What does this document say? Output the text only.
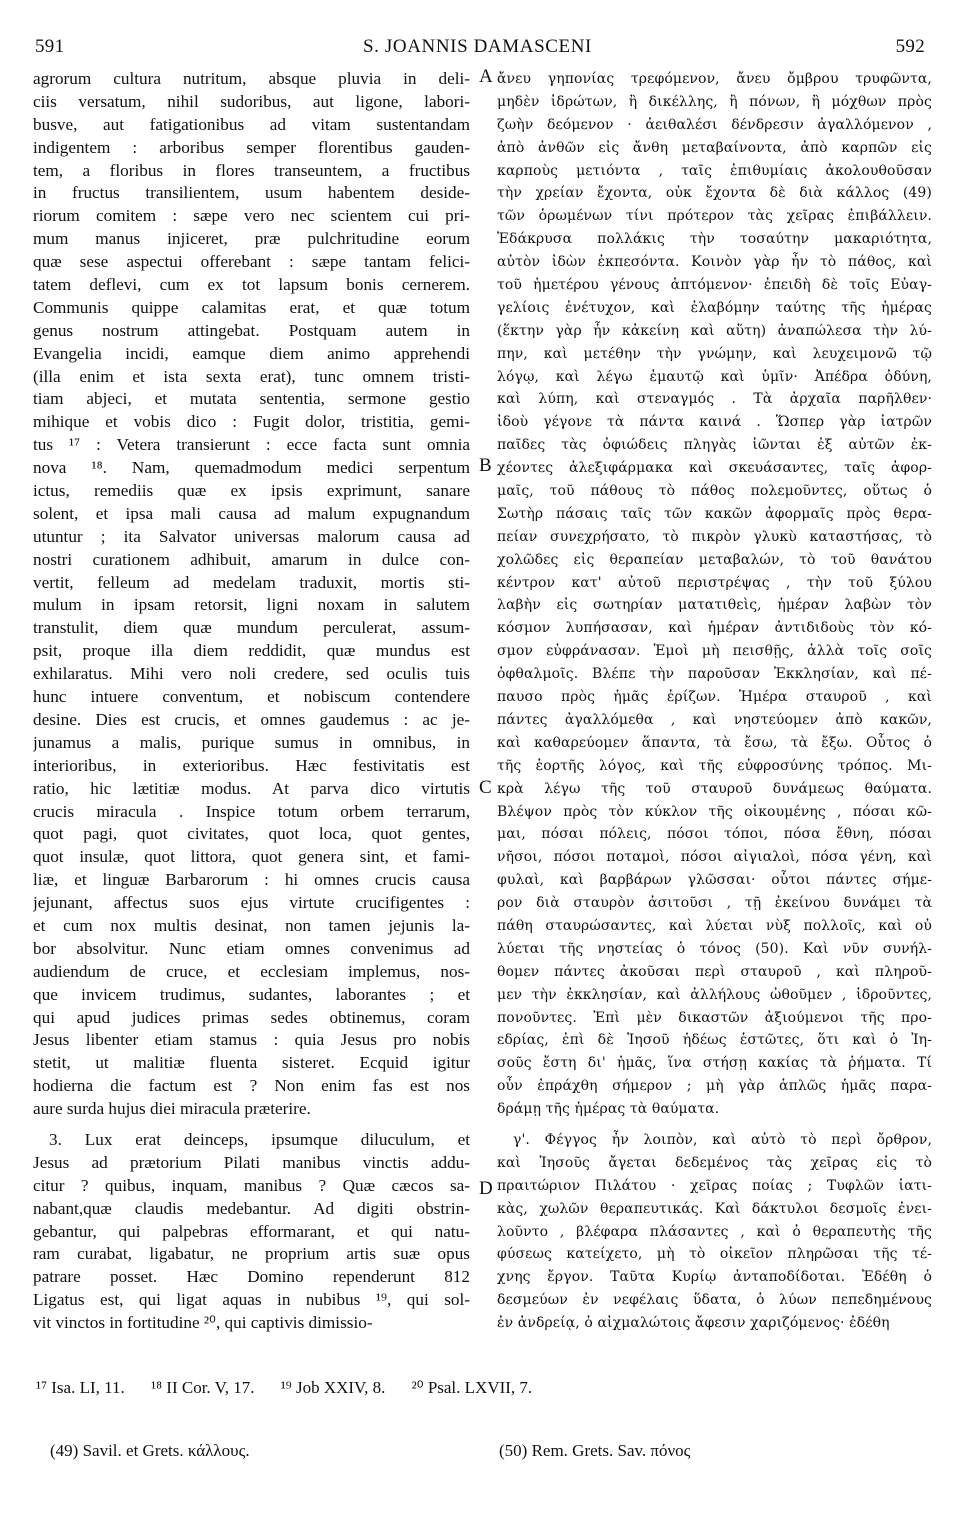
591	S. JOANNIS DAMASCENI	592
agrorum cultura nutritum, absque pluvia in deli-
ciis versatum, nihil sudoribus, aut ligone, labori-
busve, aut fatigationibus ad vitam sustentandam
indigentem : arboribus semper florentibus gauden-
tem, a floribus in flores transeuntem, a fructibus
in fructus transilientem, usum habentem deside-
riorum comitem : sæpe vero nec scientem cui pri-
mum manus injiceret, præ pulchritudine eorum
quæ sese aspectui offerebant : sæpe tantam felici-
tatem deflevi, cum ex tot lapsum bonis cernerem.
Communis quippe calamitas erat, et quæ totum
genus nostrum attingebat. Postquam autem in
Evangelia incidi, eamque diem animo apprehendi
(illa enim et ista sexta erat), tunc omnem tristi-
tiam abjeci, et mutata sententia, sermone gestio
mihique et vobis dico : Fugit dolor, tristitia, gemi-
tus ¹⁷ : Vetera transierunt : ecce facta sunt omnia
nova ¹⁸. Nam, quemadmodum medici serpentum
ictus, remediis quæ ex ipsis exprimunt, sanare
solent, et ipsa mali causa ad malum expugnandum
utuntur ; ita Salvator universas malorum causa ad
nostri curationem adhibuit, amarum in dulce con-
vertit, felleum ad medelam traduxit, mortis sti-
mulum in ipsam retorsit, ligni noxam in salutem
transtulit, diem quæ mundum perculerat, assum-
psit, proque illa diem reddidit, quæ mundus est
exhilaratus. Mihi vero noli credere, sed oculis tuis
hunc intuere conventum, et nobiscum contendere
desine. Dies est crucis, et omnes gaudemus : ac je-
junamus a malis, purique sumus in omnibus, in
interioribus, in exterioribus. Hæc festivitatis est
ratio, hic lætitiæ modus. At parva dico virtutis
crucis miracula . Inspice totum orbem terrarum,
quot pagi, quot civitates, quot loca, quot gentes,
quot insulæ, quot littora, quot genera sint, et fami-
liæ, et linguæ Barbarorum : hi omnes crucis causa
jejunant, affectus suos ejus virtute crucifigentes :
et cum nox multis desinat, non tamen jejunis la-
bor absolvitur. Nunc etiam omnes convenimus ad
audiendum de cruce, et ecclesiam implemus, nos-
que invicem trudimus, sudantes, laborantes ; et
qui apud judices primas sedes obtinemus, coram
Jesus libenter etiam stamus : quia Jesus pro nobis
stetit, ut malitiæ fluenta sisteret. Ecquid igitur
hodierna die factum est ? Non enim fas est nos
aure surda hujus diei miracula præterire.
3. Lux erat deinceps, ipsumque diluculum, et
Jesus ad prætorium Pilati manibus vinctis addu-
citur ? quibus, inquam, manibus ? Quæ cæcos sa-
nabant,quæ claudis medebantur. Ad digiti obstrin-
gebantur, qui palpebras efformarant, et qui natu-
ram curabat, ligabatur, ne proprium artis suæ opus
patrare posset. Hæc Domino rependerunt 812
Ligatus est, qui ligat aquas in nubibus ¹⁹, qui sol-
vit vinctos in fortitudine ²⁰, qui captivis dimissio-
ἄνευ γηπονίας τρεφόμενον, ἄνευ ὄμβρου τρυφῶντα,
μηδὲν ἱδρώτων, ἢ δικέλλης, ἢ πόνων, ἢ μόχθων πρὸς
ζωὴν δεόμενον · ἀειθαλέσι δένδρεσιν ἀγαλλόμενον ,
ἀπὸ ἀνθῶν εἰς ἄνθη μεταβαίνοντα, ἀπὸ καρπῶν εἰς
καρποὺς μετιόντα , ταῖς ἐπιθυμίαις ἀκολουθοῦσαν
τὴν χρείαν ἔχοντα, οὐκ ἔχοντα δὲ διὰ κάλλος (49)
τῶν ὁρωμένων τίνι πρότερον τὰς χεῖρας ἐπιβάλλειν.
Ἐδάκρυσα πολλάκις τὴν τοσαύτην μακαριότητα,
αὐτὸν ἰδὼν ἐκπεσόντα. Κοινὸν γὰρ ἦν τὸ πάθος, καὶ
τοῦ ἡμετέρου γένους ἁπτόμενον· ἐπειδὴ δὲ τοῖς Εὐαγ-
γελίοις ἐνέτυχον, καὶ ἐλαβόμην ταύτης τῆς ἡμέρας
(ἕκτην γὰρ ἦν κἀκείνη καὶ αὕτη) ἀναπώλεσα τὴν λύ-
πην, καὶ μετέθην τὴν γνώμην, καὶ λευχειμονῶ τῷ
λόγῳ, καὶ λέγω ἐμαυτῷ καὶ ὑμῖν· Ἀπέδρα ὀδύνη,
καὶ λύπη, καὶ στεναγμός . Τὰ ἀρχαῖα παρῆλθεν·
ἰδοὺ γέγονε τὰ πάντα καινά . Ὥσπερ γὰρ ἰατρῶν
παῖδες τὰς ὀφιώδεις πληγὰς ἰῶνται ἐξ αὐτῶν ἐκ-
χέοντες ἀλεξιφάρμακα καὶ σκευάσαντες, ταῖς ἀφορ-
μαῖς, τοῦ πάθους τὸ πάθος πολεμοῦντες, οὕτως ὁ
Σωτὴρ πάσαις ταῖς τῶν κακῶν ἀφορμαῖς πρὸς θερα-
πείαν συνεχρήσατο, τὸ πικρὸν γλυκὺ καταστήσας, τὸ
χολῶδες εἰς θεραπείαν μεταβαλών, τὸ τοῦ θανάτου
κέντρον κατ' αὐτοῦ περιστρέψας , τὴν τοῦ ξύλου
λαβὴν εἰς σωτηρίαν ματατιθεὶς, ἡμέραν λαβὼν τὸν
κόσμον λυπήσασαν, καὶ ἡμέραν ἀντιδιδοὺς τὸν κό-
σμον εὐφράνασαν. Ἐμοὶ μὴ πεισθῇς, ἀλλὰ τοῖς σοῖς
ὀφθαλμοῖς. Βλέπε τὴν παροῦσαν Ἐκκλησίαν, καὶ πέ-
παυσο πρὸς ἡμᾶς ἐρίζων. Ἡμέρα σταυροῦ , καὶ
πάντες ἀγαλλόμεθα , καὶ νηστεύομεν ἀπὸ κακῶν,
καὶ καθαρεύομεν ἅπαντα, τὰ ἔσω, τὰ ἔξω. Οὗτος ὁ
τῆς ἑορτῆς λόγος, καὶ τῆς εὐφροσύνης τρόπος. Μι-
κρὰ λέγω τῆς τοῦ σταυροῦ δυνάμεως θαύματα.
Βλέψον πρὸς τὸν κύκλον τῆς οἰκουμένης , πόσαι κῶ-
μαι, πόσαι πόλεις, πόσοι τόποι, πόσα ἔθνη, πόσαι
νῆσοι, πόσοι ποταμοὶ, πόσοι αἰγιαλοὶ, πόσα γένη, καὶ
φυλαὶ, καὶ βαρβάρων γλῶσσαι· οὗτοι πάντες σήμε-
ρον διὰ σταυρὸν ἀσιτοῦσι , τῇ ἐκείνου δυνάμει τὰ
πάθη σταυρώσαντες, καὶ λύεται νὺξ πολλοῖς, καὶ οὐ
λύεται τῆς νηστείας ὁ τόνος (50). Καὶ νῦν συνήλ-
θομεν πάντες ἀκοῦσαι περὶ σταυροῦ , καὶ πληροῦ-
μεν τὴν ἐκκλησίαν, καὶ ἀλλήλους ὠθοῦμεν , ἱδροῦντες,
πονοῦντες. Ἐπὶ μὲν δικαστῶν ἀξιούμενοι τῆς προ-
εδρίας, ἐπὶ δὲ Ἰησοῦ ἡδέως ἑστῶτες, ὅτι καὶ ὁ Ἰη-
σοῦς ἔστη δι' ἡμᾶς, ἵνα στήσῃ κακίας τὰ ῥήματα. Τί
οὖν ἐπράχθη σήμερον ; μὴ γὰρ ἁπλῶς ἡμᾶς παρα-
δράμῃ τῆς ἡμέρας τὰ θαύματα.
γ'. Φέγγος ἦν λοιπὸν, καὶ αὐτὸ τὸ περὶ ὄρθρον,
καὶ Ἰησοῦς ἄγεται δεδεμένος τὰς χεῖρας εἰς τὸ
πραιτώριον Πιλάτου · χεῖρας ποίας ; Τυφλῶν ἰατι-
κὰς, χωλῶν θεραπευτικάς. Καὶ δάκτυλοι δεσμοῖς ἐνει-
λοῦντο , βλέφαρα πλάσαντες , καὶ ὁ θεραπευτὴς τῆς
φύσεως κατείχετο, μὴ τὸ οἰκεῖον πληρῶσαι τῆς τέ-
χνης ἔργον. Ταῦτα Κυρίῳ ἀνταποδίδοται. Ἐδέθη ὁ
δεσμεύων ἐν νεφέλαις ὕδατα, ὁ λύων πεπεδημένους
ἐν ἀνδρείᾳ, ὁ αἰχμαλώτοις ἄφεσιν χαριζόμενος· ἐδέθη
A
B
C
D
¹⁷ Isa. LI, 11. ¹⁸ II Cor. V, 17. ¹⁹ Job XXIV, 8. ²⁰ Psal. LXVII, 7.
(49) Savil. et Grets. κάλλους.	(50) Rem. Grets. Sav. πόνος
